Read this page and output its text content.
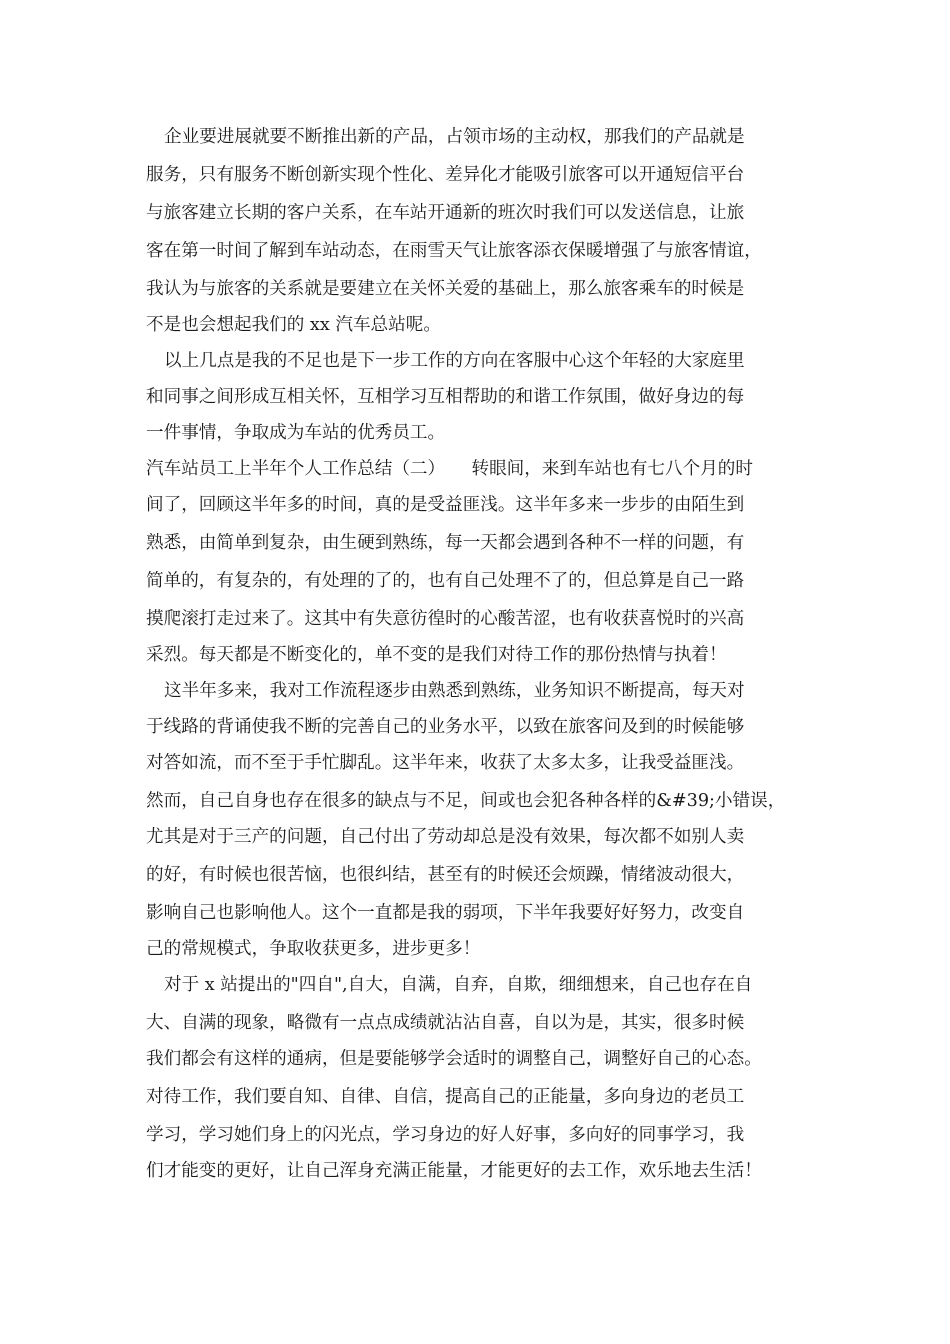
企业要进展就要不断推出新的产品，占领市场的主动权，那我们的产品就是
服务，只有服务不断创新实现个性化、差异化才能吸引旅客可以开通短信平台
与旅客建立长期的客户关系，在车站开通新的班次时我们可以发送信息，让旅
客在第一时间了解到车站动态，在雨雪天气让旅客添衣保暖增强了与旅客情谊，
我认为与旅客的关系就是要建立在关怀关爱的基础上，那么旅客乘车的时候是
不是也会想起我们的 xx 汽车总站呢。
以上几点是我的不足也是下一步工作的方向在客服中心这个年轻的大家庭里
和同事之间形成互相关怀，互相学习互相帮助的和谐工作氛围，做好身边的每
一件事情，争取成为车站的优秀员工。
汽车站员工上半年个人工作总结（二）　　转眼间，来到车站也有七八个月的时
间了，回顾这半年多的时间，真的是受益匪浅。这半年多来一步步的由陌生到
熟悉，由简单到复杂，由生硬到熟练，每一天都会遇到各种不一样的问题，有
简单的，有复杂的，有处理的了的，也有自己处理不了的，但总算是自己一路
摸爬滚打走过来了。这其中有失意彷徨时的心酸苦涩，也有收获喜悦时的兴高
采烈。每天都是不断变化的，单不变的是我们对待工作的那份热情与执着！
这半年多来，我对工作流程逐步由熟悉到熟练，业务知识不断提高，每天对
于线路的背诵使我不断的完善自己的业务水平，以致在旅客问及到的时候能够
对答如流，而不至于手忙脚乱。这半年来，收获了太多太多，让我受益匪浅。
然而，自己自身也存在很多的缺点与不足，间或也会犯各种各样的&#39;小错误，
尤其是对于三产的问题，自己付出了劳动却总是没有效果，每次都不如别人卖
的好，有时候也很苦恼，也很纠结，甚至有的时候还会烦躁，情绪波动很大，
影响自己也影响他人。这个一直都是我的弱项，下半年我要好好努力，改变自
己的常规模式，争取收获更多，进步更多！
对于 x 站提出的"四自",自大，自满，自弃，自欺，细细想来，自己也存在自
大、自满的现象，略微有一点点成绩就沾沾自喜，自以为是，其实，很多时候
我们都会有这样的通病，但是要能够学会适时的调整自己，调整好自己的心态。
对待工作，我们要自知、自律、自信，提高自己的正能量，多向身边的老员工
学习，学习她们身上的闪光点，学习身边的好人好事，多向好的同事学习，我
们才能变的更好，让自己浑身充满正能量，才能更好的去工作，欢乐地去生活！
